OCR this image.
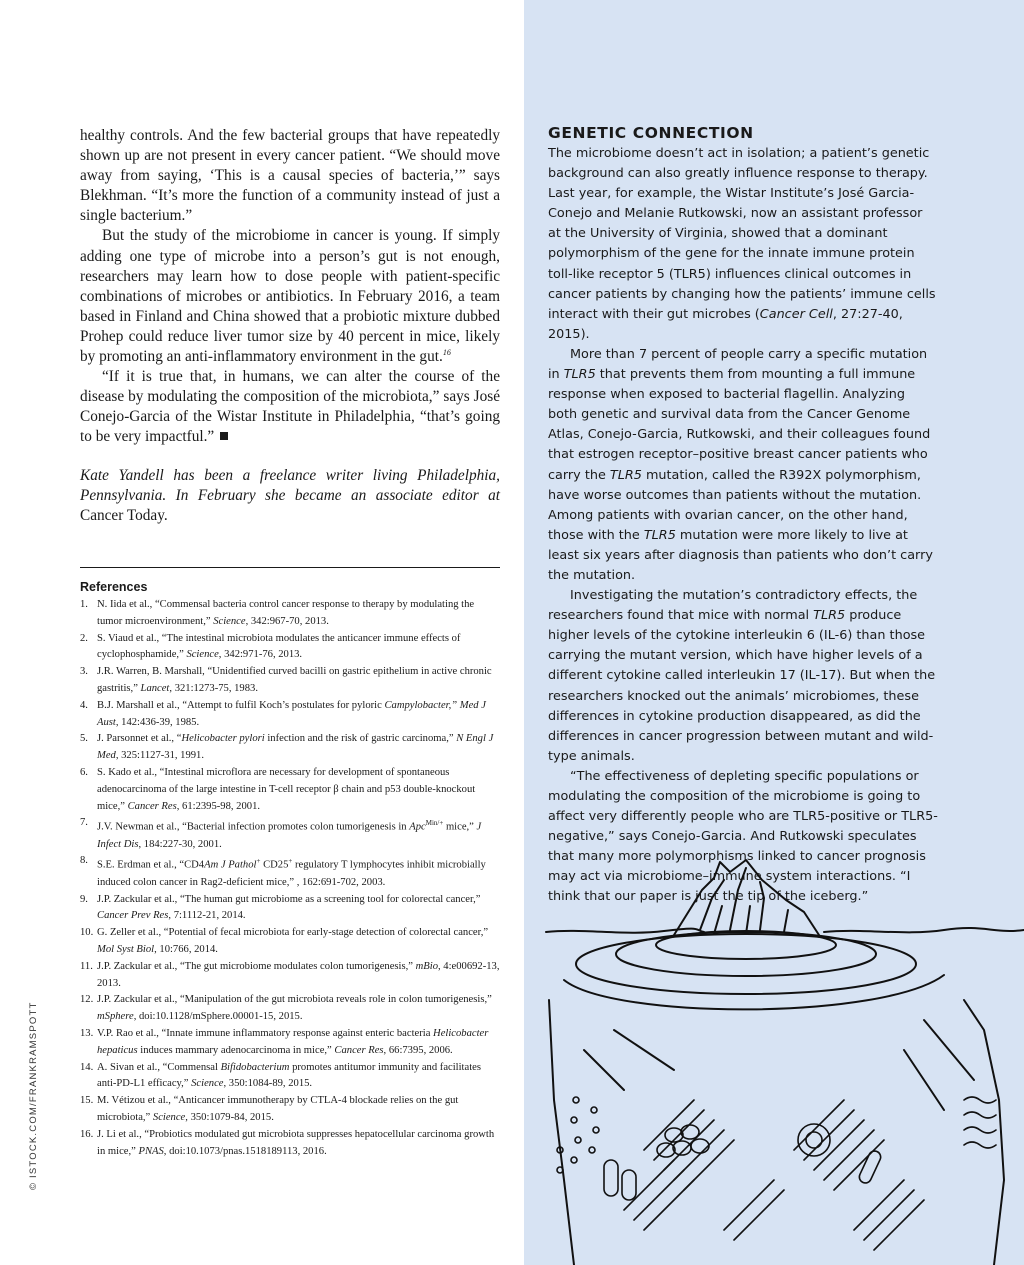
healthy controls. And the few bacterial groups that have repeatedly shown up are not present in every cancer patient. “We should move away from saying, ‘This is a causal species of bacteria,’” says Blekhman. “It’s more the function of a community instead of just a single bacterium.”

But the study of the microbiome in cancer is young. If simply adding one type of microbe into a person’s gut is not enough, researchers may learn how to dose people with patient-specific combinations of microbes or antibiotics. In February 2016, a team based in Finland and China showed that a probiotic mixture dubbed Prohep could reduce liver tumor size by 40 percent in mice, likely by promoting an anti-inflammatory environment in the gut.$^{16}$

“If it is true that, in humans, we can alter the course of the disease by modulating the composition of the microbiota,” says José Conejo-Garcia of the Wistar Institute in Philadelphia, “that’s going to be very impactful.”

Kate Yandell has been a freelance writer living Philadelphia, Pennsylvania. In February she became an associate editor at Cancer Today.

References
1. N. Iida et al., “Commensal bacteria control cancer response to therapy by modulating the tumor microenvironment,” Science, 342:967-70, 2013.
2. S. Viaud et al., “The intestinal microbiota modulates the anticancer immune effects of cyclophosphamide,” Science, 342:971-76, 2013.
3. J.R. Warren, B. Marshall, “Unidentified curved bacilli on gastric epithelium in active chronic gastritis,” Lancet, 321:1273-75, 1983.
4. B.J. Marshall et al., “Attempt to fulfil Koch’s postulates for pyloric Campylobacter,” Med J Aust, 142:436-39, 1985.
5. J. Parsonnet et al., “Helicobacter pylori infection and the risk of gastric carcinoma,” N Engl J Med, 325:1127-31, 1991.
6. S. Kado et al., “Intestinal microflora are necessary for development of spontaneous adenocarcinoma of the large intestine in T-cell receptor β chain and p53 double-knockout mice,” Cancer Res, 61:2395-98, 2001.
7. J.V. Newman et al., “Bacterial infection promotes colon tumorigenesis in Apc$^{Min/+}$ mice,” J Infect Dis, 184:227-30, 2001.
8. S.E. Erdman et al., “CD4Am J Pathol+ CD25+ regulatory T lymphocytes inhibit microbially induced colon cancer in Rag2-deficient mice,” , 162:691-702, 2003.
9. J.P. Zackular et al., “The human gut microbiome as a screening tool for colorectal cancer,” Cancer Prev Res, 7:1112-21, 2014.
10. G. Zeller et al., “Potential of fecal microbiota for early-stage detection of colorectal cancer,” Mol Syst Biol, 10:766, 2014.
11. J.P. Zackular et al., “The gut microbiome modulates colon tumorigenesis,” mBio, 4:e00692-13, 2013.
12. J.P. Zackular et al., “Manipulation of the gut microbiota reveals role in colon tumorigenesis,” mSphere, doi:10.1128/mSphere.00001-15, 2015.
13. V.P. Rao et al., “Innate immune inflammatory response against enteric bacteria Helicobacter hepaticus induces mammary adenocarcinoma in mice,” Cancer Res, 66:7395, 2006.
14. A. Sivan et al., “Commensal Bifidobacterium promotes antitumor immunity and facilitates anti-PD-L1 efficacy,” Science, 350:1084-89, 2015.
15. M. Vétizou et al., “Anticancer immunotherapy by CTLA-4 blockade relies on the gut microbiota,” Science, 350:1079-84, 2015.
16. J. Li et al., “Probiotics modulated gut microbiota suppresses hepatocellular carcinoma growth in mice,” PNAS, doi:10.1073/pnas.1518189113, 2016.
© ISTOCK.COM/FRANKRAMSPOTT
GENETIC CONNECTION

The microbiome doesn’t act in isolation; a patient’s genetic background can also greatly influence response to therapy. Last year, for example, the Wistar Institute’s José Garcia-Conejo and Melanie Rutkowski, now an assistant professor at the University of Virginia, showed that a dominant polymorphism of the gene for the innate immune protein toll-like receptor 5 (TLR5) influences clinical outcomes in cancer patients by changing how the patients’ immune cells interact with their gut microbes (Cancer Cell, 27:27-40, 2015).

More than 7 percent of people carry a specific mutation in TLR5 that prevents them from mounting a full immune response when exposed to bacterial flagellin. Analyzing both genetic and survival data from the Cancer Genome Atlas, Conejo-Garcia, Rutkowski, and their colleagues found that estrogen receptor–positive breast cancer patients who carry the TLR5 mutation, called the R392X polymorphism, have worse outcomes than patients without the mutation. Among patients with ovarian cancer, on the other hand, those with the TLR5 mutation were more likely to live at least six years after diagnosis than patients who don’t carry the mutation.

Investigating the mutation’s contradictory effects, the researchers found that mice with normal TLR5 produce higher levels of the cytokine interleukin 6 (IL-6) than those carrying the mutant version, which have higher levels of a different cytokine called interleukin 17 (IL-17). But when the researchers knocked out the animals’ microbiomes, these differences in cytokine production disappeared, as did the differences in cancer progression between mutant and wild-type animals.

“The effectiveness of depleting specific populations or modulating the composition of the microbiome is going to affect very differently people who are TLR5-positive or TLR5-negative,” says Conejo-Garcia. And Rutkowski speculates that many more polymorphisms linked to cancer prognosis may act via microbiome–immune system interactions. “I think that our paper is just the tip of the iceberg.”
